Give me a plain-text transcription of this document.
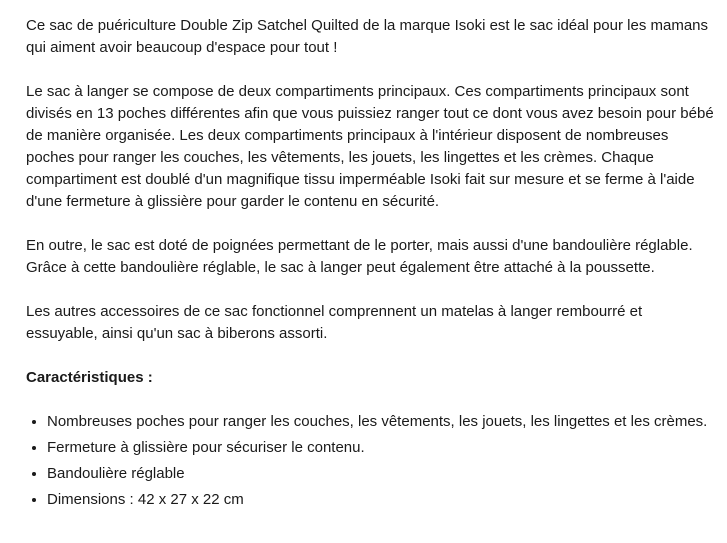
Ce sac de puériculture Double Zip Satchel Quilted de la marque Isoki est le sac idéal pour les mamans qui aiment avoir beaucoup d'espace pour tout !

Le sac à langer se compose de deux compartiments principaux. Ces compartiments principaux sont divisés en 13 poches différentes afin que vous puissiez ranger tout ce dont vous avez besoin pour bébé de manière organisée. Les deux compartiments principaux à l'intérieur disposent de nombreuses poches pour ranger les couches, les vêtements, les jouets, les lingettes et les crèmes. Chaque compartiment est doublé d'un magnifique tissu imperméable Isoki fait sur mesure et se ferme à l'aide d'une fermeture à glissière pour garder le contenu en sécurité.

En outre, le sac est doté de poignées permettant de le porter, mais aussi d'une bandoulière réglable. Grâce à cette bandoulière réglable, le sac à langer peut également être attaché à la poussette.

Les autres accessoires de ce sac fonctionnel comprennent un matelas à langer rembourré et essuyable, ainsi qu'un sac à biberons assorti.

Caractéristiques :
• Nombreuses poches pour ranger les couches, les vêtements, les jouets, les lingettes et les crèmes.
• Fermeture à glissière pour sécuriser le contenu.
• Bandoulière réglable
• Dimensions : 42 x 27 x 22 cm
